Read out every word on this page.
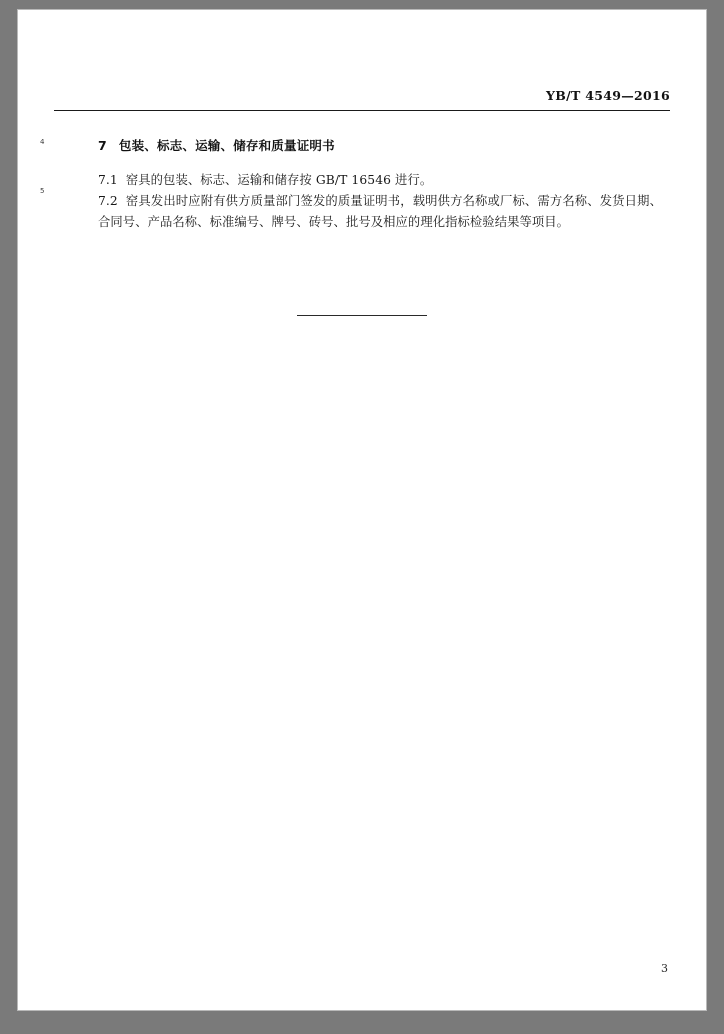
YB/T 4549—2016
4
5
7 包装、标志、运输、储存和质量证明书
7.1 窑具的包装、标志、运输和储存按 GB/T 16546 进行。
7.2 窑具发出时应附有供方质量部门签发的质量证明书，载明供方名称或厂标、需方名称、发货日期、合同号、产品名称、标准编号、牌号、砖号、批号及相应的理化指标检验结果等项目。
3
